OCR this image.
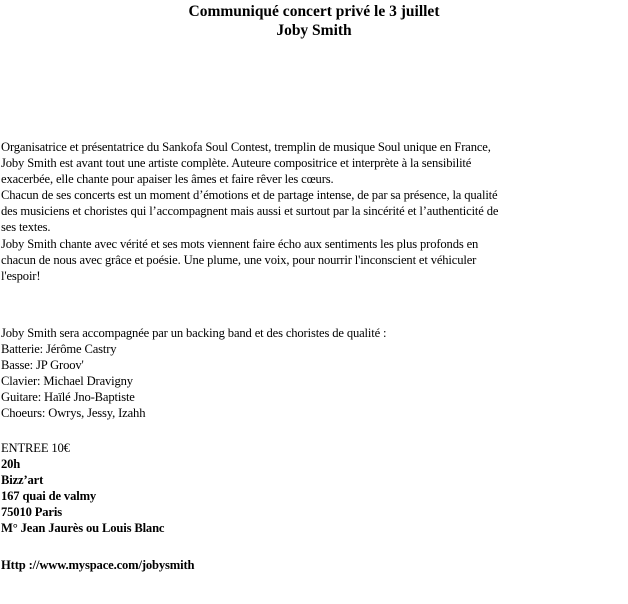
Communiqué concert privé le 3 juillet
Joby Smith
Organisatrice et présentatrice du Sankofa Soul Contest, tremplin de musique Soul unique en France,
Joby Smith est avant tout une artiste complète. Auteure compositrice et interprète à la sensibilité
exacerbée, elle chante pour apaiser les âmes et faire rêver les cœurs.
Chacun de ses concerts est un moment d’émotions et de partage intense, de par sa présence, la qualité
des musiciens et choristes qui l’accompagnent mais aussi et surtout par la sincérité et l’authenticité de
ses textes.
Joby Smith chante avec vérité et ses mots viennent faire écho aux sentiments les plus profonds en
chacun de nous avec grâce et poésie. Une plume, une voix, pour nourrir l'inconscient et véhiculer
l'espoir!
Joby Smith sera accompagnée par un backing band et des choristes de qualité :
Batterie: Jérôme Castry
Basse: JP Groov'
Clavier: Michael Dravigny
Guitare: Haïlé Jno-Baptiste
Choeurs: Owrys, Jessy, Izahh
ENTREE 10€
20h
Bizz’art
167 quai de valmy
75010 Paris
M° Jean Jaurès ou Louis Blanc
Http ://www.myspace.com/jobysmith
